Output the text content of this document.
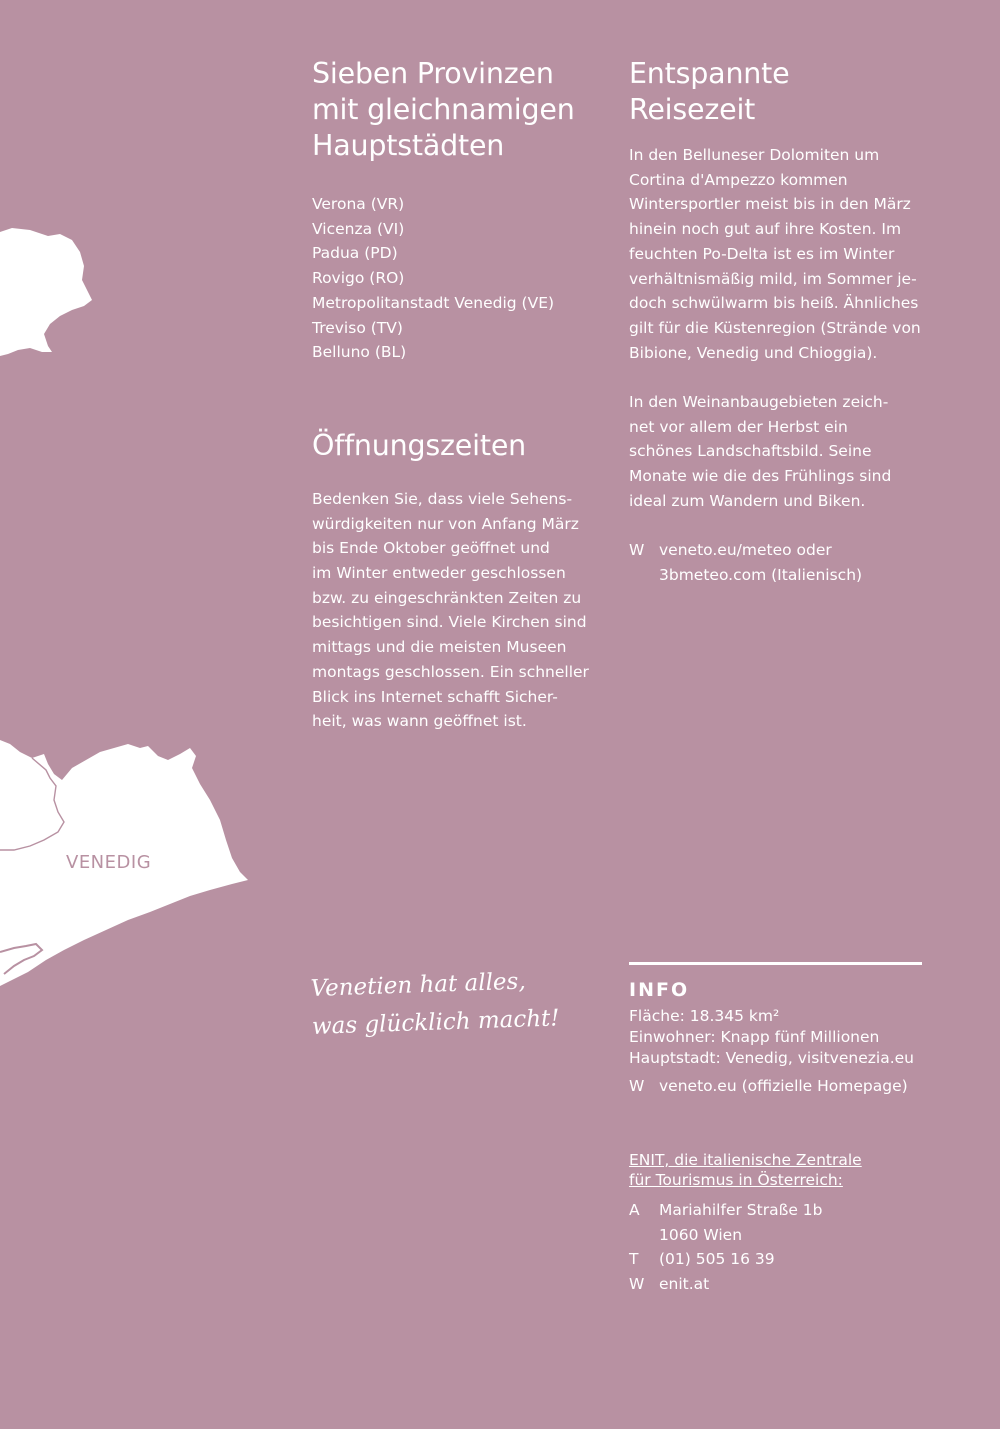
VENEDIG
Sieben Provinzen
mit gleichnamigen
Hauptstädten
Verona (VR)
Vicenza (VI)
Padua (PD)
Rovigo (RO)
Metropolitanstadt Venedig (VE)
Treviso (TV)
Belluno (BL)
Öffnungszeiten

Bedenken Sie, dass viele Sehens-
würdigkeiten nur von Anfang März
bis Ende Oktober geöffnet und
im Winter entweder geschlossen
bzw. zu eingeschränkten Zeiten zu
besichtigen sind. Viele Kirchen sind
mittags und die meisten Museen
montags geschlossen. Ein schneller
Blick ins Internet schafft Sicher-
heit, was wann geöffnet ist.

Entspannte
Reisezeit

In den Belluneser Dolomiten um
Cortina d'Ampezzo kommen
Wintersportler meist bis in den März
hinein noch gut auf ihre Kosten. Im
feuchten Po-Delta ist es im Winter
verhältnismäßig mild, im Sommer je-
doch schwülwarm bis heiß. Ähnliches
gilt für die Küstenregion (Strände von
Bibione, Venedig und Chioggia).

In den Weinanbaugebieten zeich-
net vor allem der Herbst ein
schönes Landschaftsbild. Seine
Monate wie die des Frühlings sind
ideal zum Wandern und Biken.

W veneto.eu/meteo oder
3bmeteo.com (Italienisch)
Venetien hat alles,
was glücklich macht!
INFO
Fläche: 18.345 km²
Einwohner: Knapp fünf Millionen
Hauptstadt: Venedig, visitvenezia.eu
W veneto.eu (offizielle Homepage)
ENIT, die italienische Zentrale
für Tourismus in Österreich:
A	Mariahilfer Straße 1b
1060 Wien
T	(01) 505 16 39
W enit.at
